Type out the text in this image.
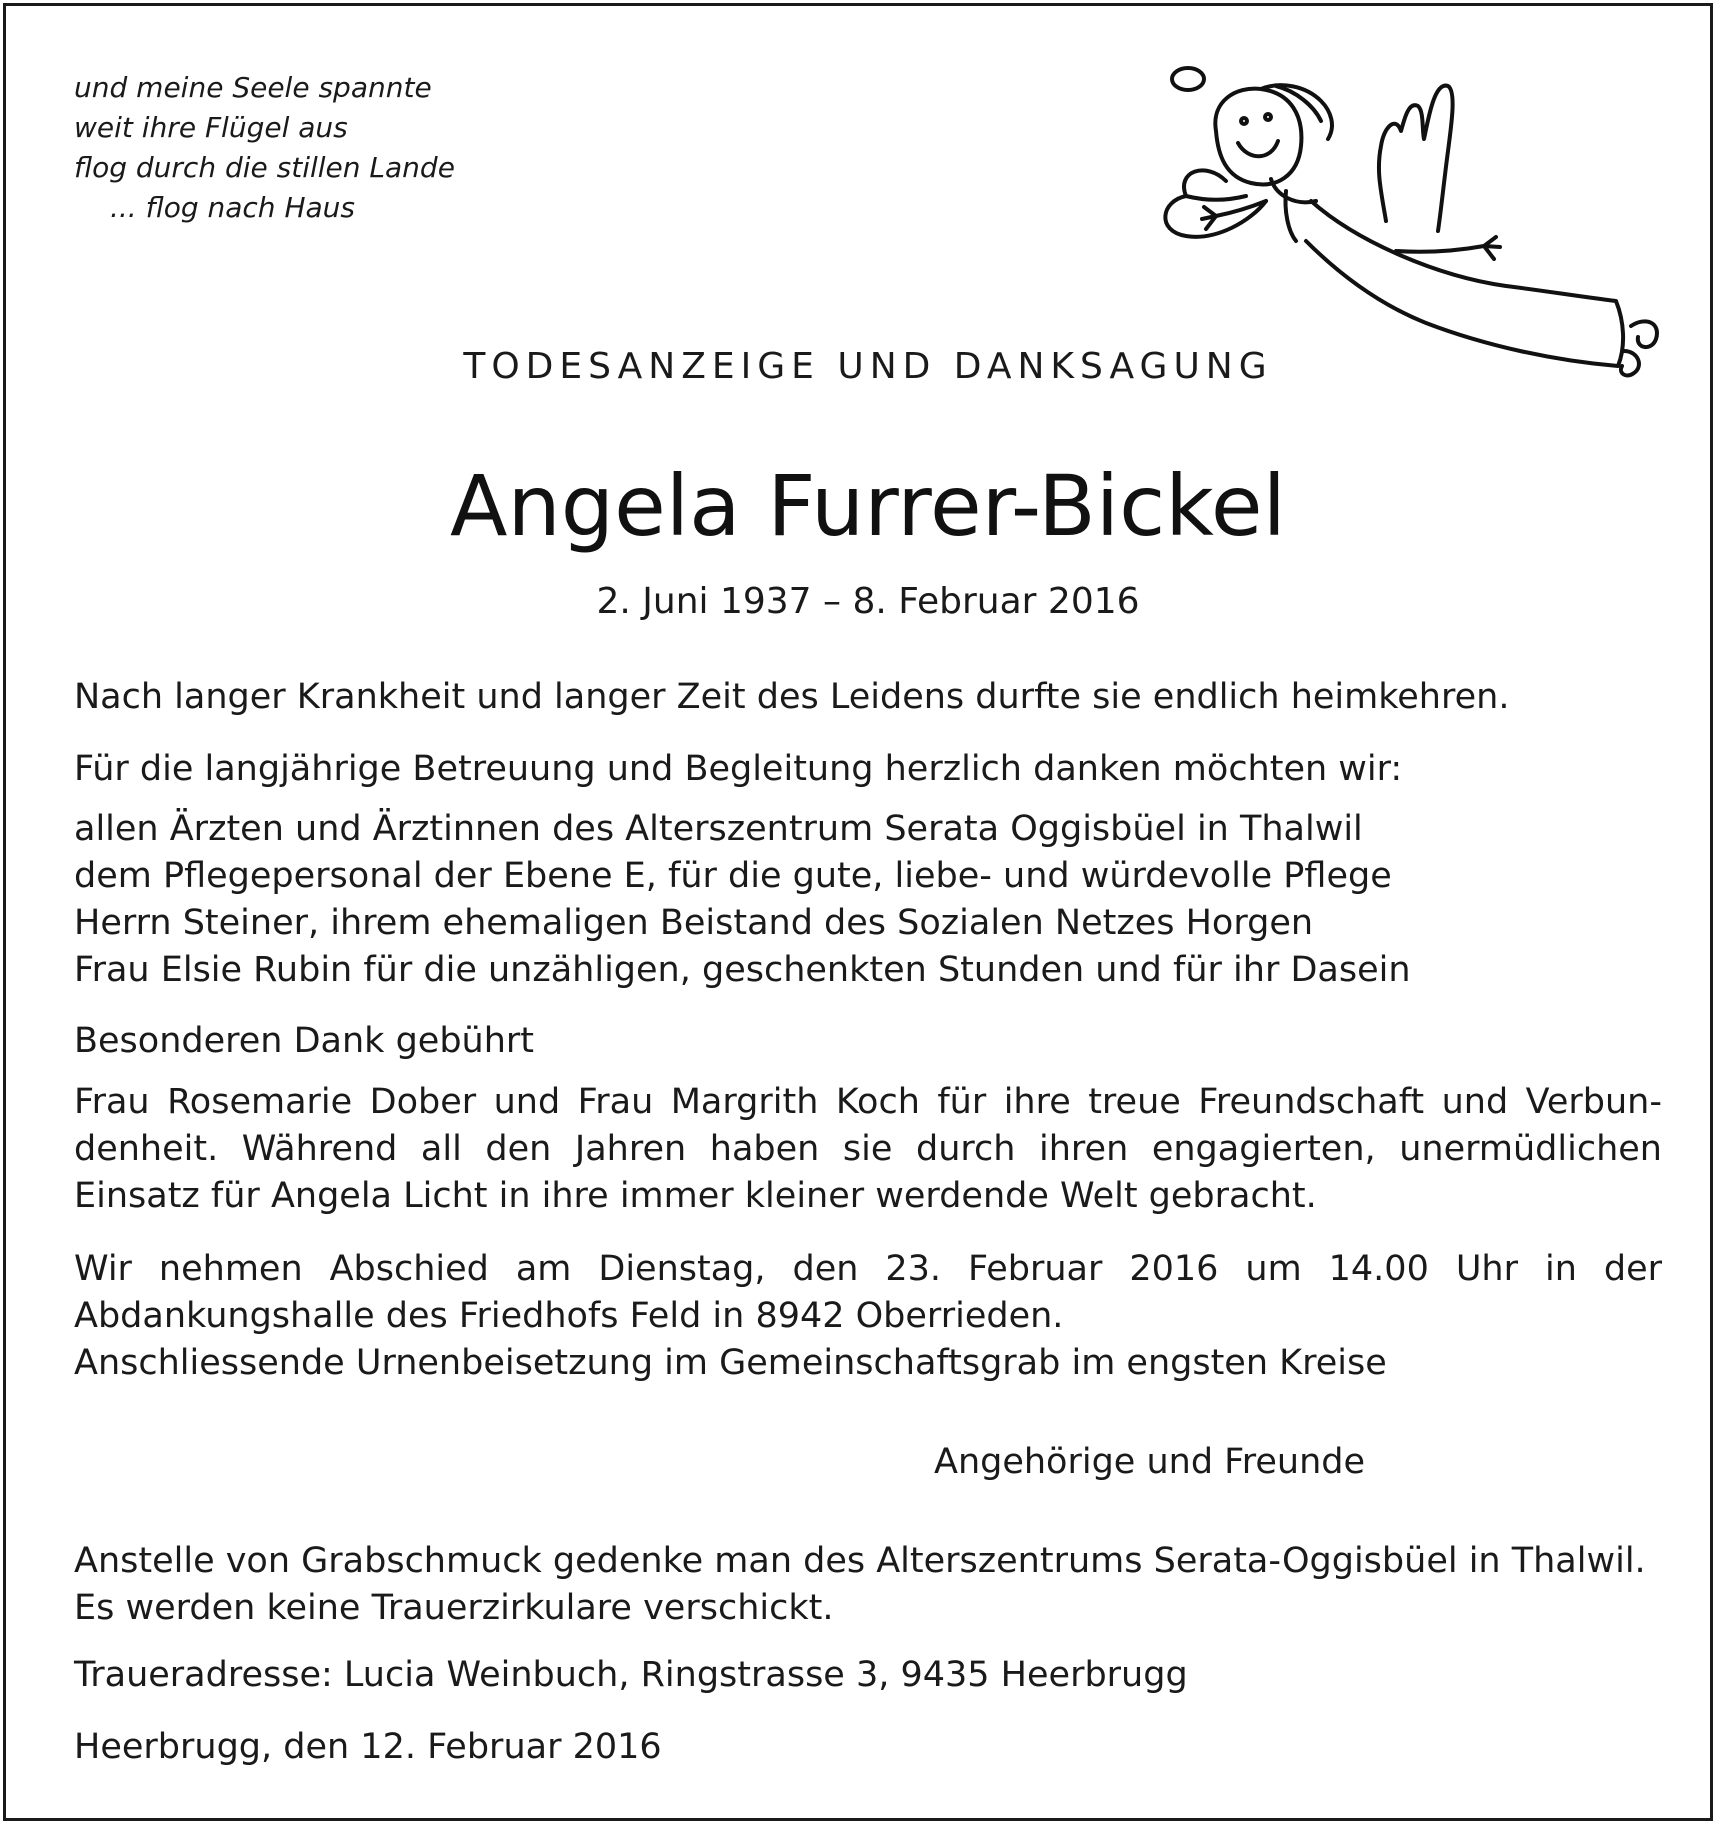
und meine Seele spannte
weit ihre Flügel aus
flog durch die stillen Lande
... flog nach Haus
TODESANZEIGE UND DANKSAGUNG
Angela Furrer-Bickel
2. Juni 1937 – 8. Februar 2016
Nach langer Krankheit und langer Zeit des Leidens durfte sie endlich heimkehren.
Für die langjährige Betreuung und Begleitung herzlich danken möchten wir:
allen Ärzten und Ärztinnen des Alterszentrum Serata Oggisbüel in Thalwil
dem Pflegepersonal der Ebene E, für die gute, liebe- und würdevolle Pflege
Herrn Steiner, ihrem ehemaligen Beistand des Sozialen Netzes Horgen
Frau Elsie Rubin für die unzähligen, geschenkten Stunden und für ihr Dasein
Besonderen Dank gebührt
Frau Rosemarie Dober und Frau Margrith Koch für ihre treue Freundschaft und Verbun-
denheit. Während all den Jahren haben sie durch ihren engagierten, unermüdlichen
Einsatz für Angela Licht in ihre immer kleiner werdende Welt gebracht.
Wir nehmen Abschied am Dienstag, den 23. Februar 2016 um 14.00 Uhr in der
Abdankungshalle des Friedhofs Feld in 8942 Oberrieden.
Anschliessende Urnenbeisetzung im Gemeinschaftsgrab im engsten Kreise
Angehörige und Freunde
Anstelle von Grabschmuck gedenke man des Alterszentrums Serata-Oggisbüel in Thalwil.
Es werden keine Trauerzirkulare verschickt.
Traueradresse: Lucia Weinbuch, Ringstrasse 3, 9435 Heerbrugg
Heerbrugg, den 12. Februar 2016
